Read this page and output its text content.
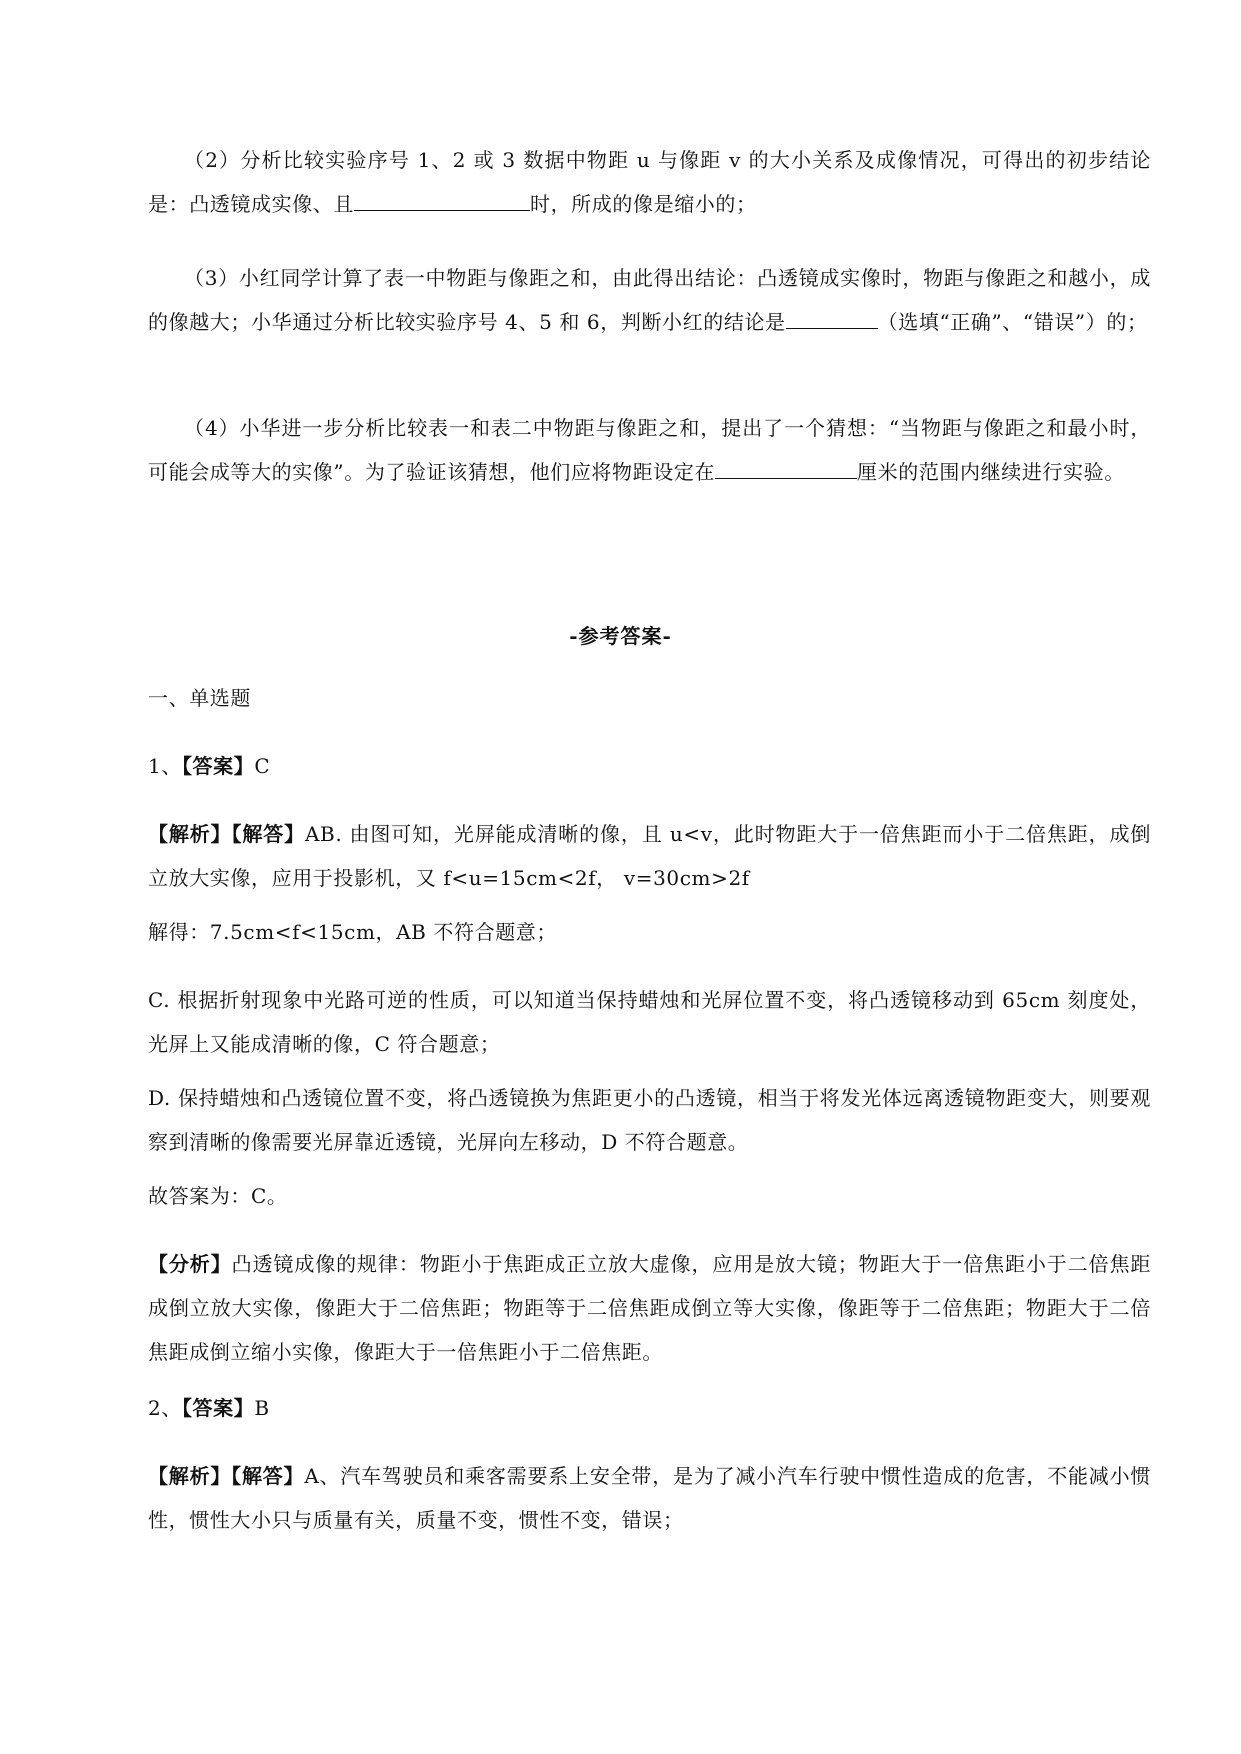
（2）分析比较实验序号 1、2 或 3 数据中物距 u 与像距 v 的大小关系及成像情况，可得出的初步结论是：凸透镜成实像、且	时，所成的像是缩小的；

（3）小红同学计算了表一中物距与像距之和，由此得出结论：凸透镜成实像时，物距与像距之和越小，成的像越大；小华通过分析比较实验序号 4、5 和 6，判断小红的结论是	（选填“正确”、“错误”）的；

（4）小华进一步分析比较表一和表二中物距与像距之和，提出了一个猜想：“当物距与像距之和最小时，可能会成等大的实像”。为了验证该猜想，他们应将物距设定在	厘米的范围内继续进行实验。

-参考答案-

一、单选题

1、【答案】C

【解析】【解答】AB. 由图可知，光屏能成清晰的像，且 u<v，此时物距大于一倍焦距而小于二倍焦距，成倒立放大实像，应用于投影机，又 f<u=15cm<2f， v=30cm>2f

解得：7.5cm<f<15cm，AB 不符合题意；

C. 根据折射现象中光路可逆的性质，可以知道当保持蜡烛和光屏位置不变，将凸透镜移动到 65cm 刻度处，光屏上又能成清晰的像，C 符合题意；

D. 保持蜡烛和凸透镜位置不变，将凸透镜换为焦距更小的凸透镜，相当于将发光体远离透镜物距变大，则要观察到清晰的像需要光屏靠近透镜，光屏向左移动，D 不符合题意。

故答案为：C。

【分析】凸透镜成像的规律：物距小于焦距成正立放大虚像，应用是放大镜；物距大于一倍焦距小于二倍焦距成倒立放大实像，像距大于二倍焦距；物距等于二倍焦距成倒立等大实像，像距等于二倍焦距；物距大于二倍焦距成倒立缩小实像，像距大于一倍焦距小于二倍焦距。

2、【答案】B

【解析】【解答】A、汽车驾驶员和乘客需要系上安全带，是为了减小汽车行驶中惯性造成的危害，不能减小惯性，惯性大小只与质量有关，质量不变，惯性不变，错误；
